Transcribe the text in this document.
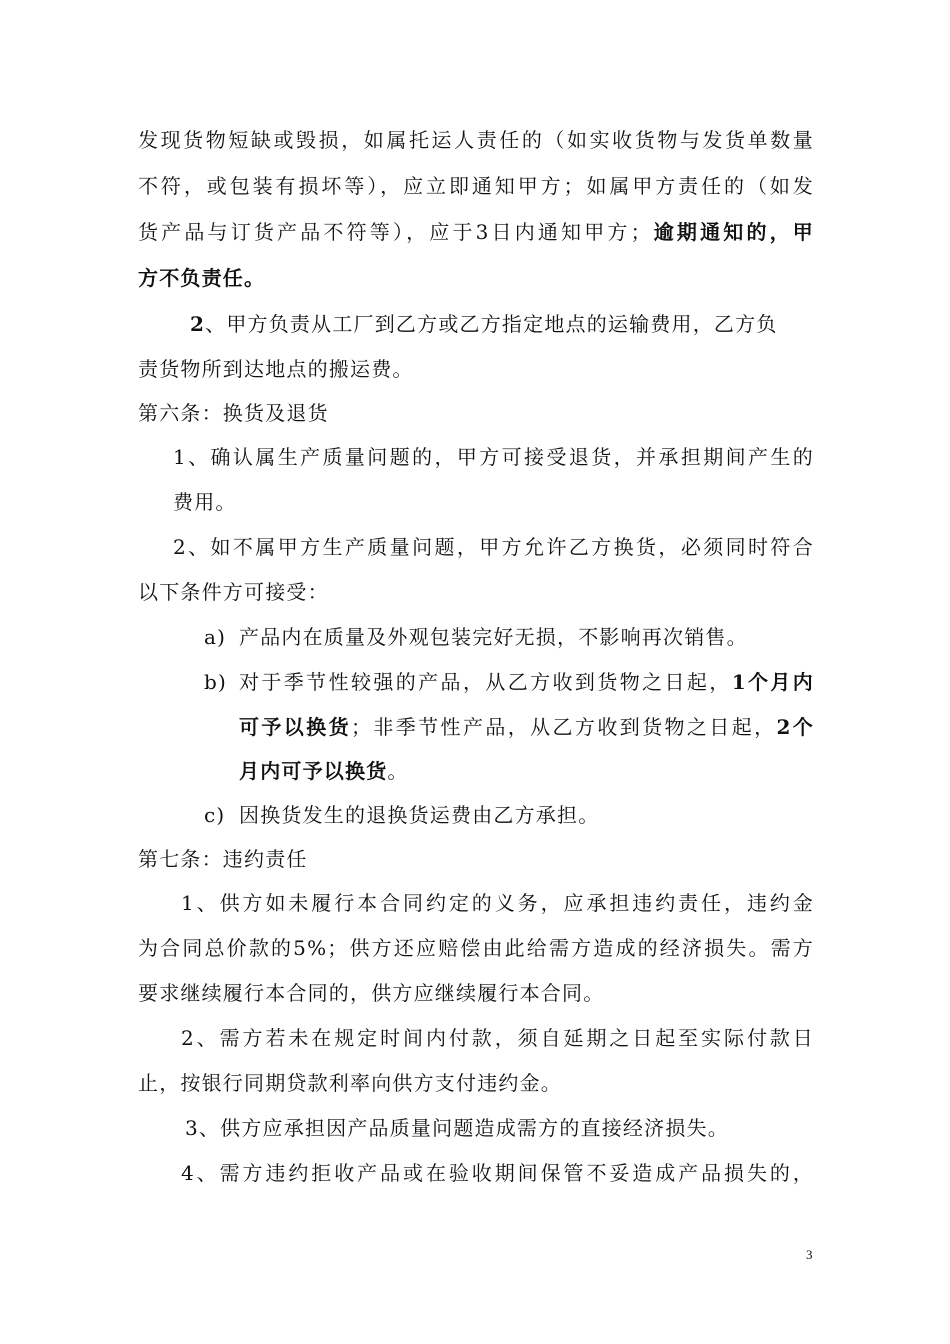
发现货物短缺或毁损，如属托运人责任的（如实收货物与发货单数量
不符，或包装有损坏等），应立即通知甲方；如属甲方责任的（如发
货产品与订货产品不符等），应于3日内通知甲方；逾期通知的，甲
方不负责任。
2、甲方负责从工厂到乙方或乙方指定地点的运输费用，乙方负
责货物所到达地点的搬运费。
第六条：换货及退货
1、确认属生产质量问题的，甲方可接受退货，并承担期间产生的
费用。
2、如不属甲方生产质量问题，甲方允许乙方换货，必须同时符合
以下条件方可接受：
a) 产品内在质量及外观包装完好无损，不影响再次销售。
b) 对于季节性较强的产品，从乙方收到货物之日起，1个月内
可予以换货；非季节性产品，从乙方收到货物之日起，2个
月内可予以换货。
c) 因换货发生的退换货运费由乙方承担。
第七条：违约责任
1、供方如未履行本合同约定的义务，应承担违约责任，违约金
为合同总价款的5%；供方还应赔偿由此给需方造成的经济损失。需方
要求继续履行本合同的，供方应继续履行本合同。
2、需方若未在规定时间内付款，须自延期之日起至实际付款日
止，按银行同期贷款利率向供方支付违约金。
3、供方应承担因产品质量问题造成需方的直接经济损失。
4、需方违约拒收产品或在验收期间保管不妥造成产品损失的，
3
